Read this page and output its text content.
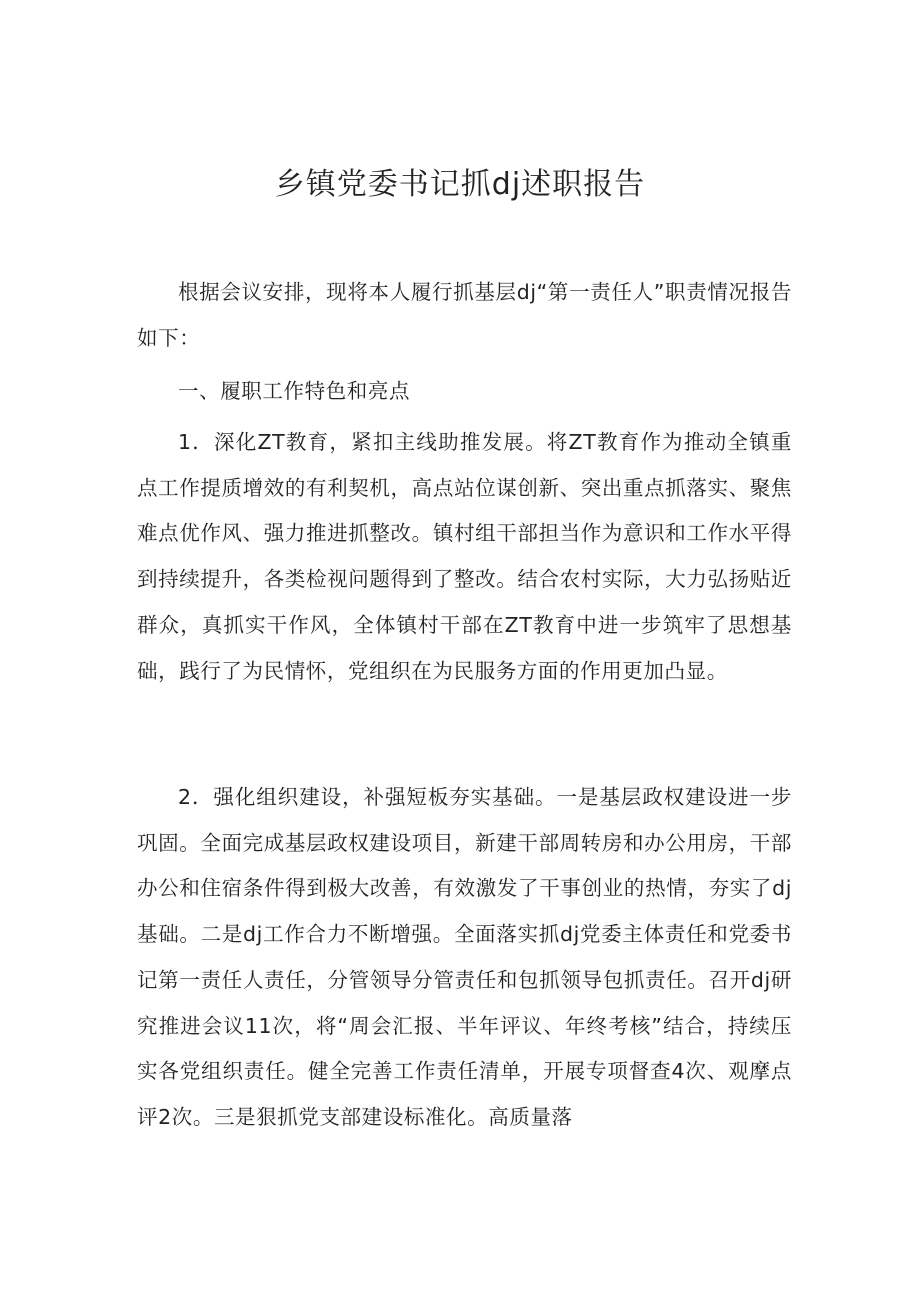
乡镇党委书记抓dj述职报告

根据会议安排，现将本人履行抓基层dj“第一责任人”职责情况报告如下：

一、履职工作特色和亮点

1．深化ZT教育，紧扣主线助推发展。将ZT教育作为推动全镇重点工作提质增效的有利契机，高点站位谋创新、突出重点抓落实、聚焦难点优作风、强力推进抓整改。镇村组干部担当作为意识和工作水平得到持续提升，各类检视问题得到了整改。结合农村实际，大力弘扬贴近群众，真抓实干作风，全体镇村干部在ZT教育中进一步筑牢了思想基础，践行了为民情怀，党组织在为民服务方面的作用更加凸显。

2．强化组织建设，补强短板夯实基础。一是基层政权建设进一步巩固。全面完成基层政权建设项目，新建干部周转房和办公用房，干部办公和住宿条件得到极大改善，有效激发了干事创业的热情，夯实了dj基础。二是dj工作合力不断增强。全面落实抓dj党委主体责任和党委书记第一责任人责任，分管领导分管责任和包抓领导包抓责任。召开dj研究推进会议11次，将“周会汇报、半年评议、年终考核”结合，持续压实各党组织责任。健全完善工作责任清单，开展专项督查4次、观摩点评2次。三是狠抓党支部建设标准化。高质量落
